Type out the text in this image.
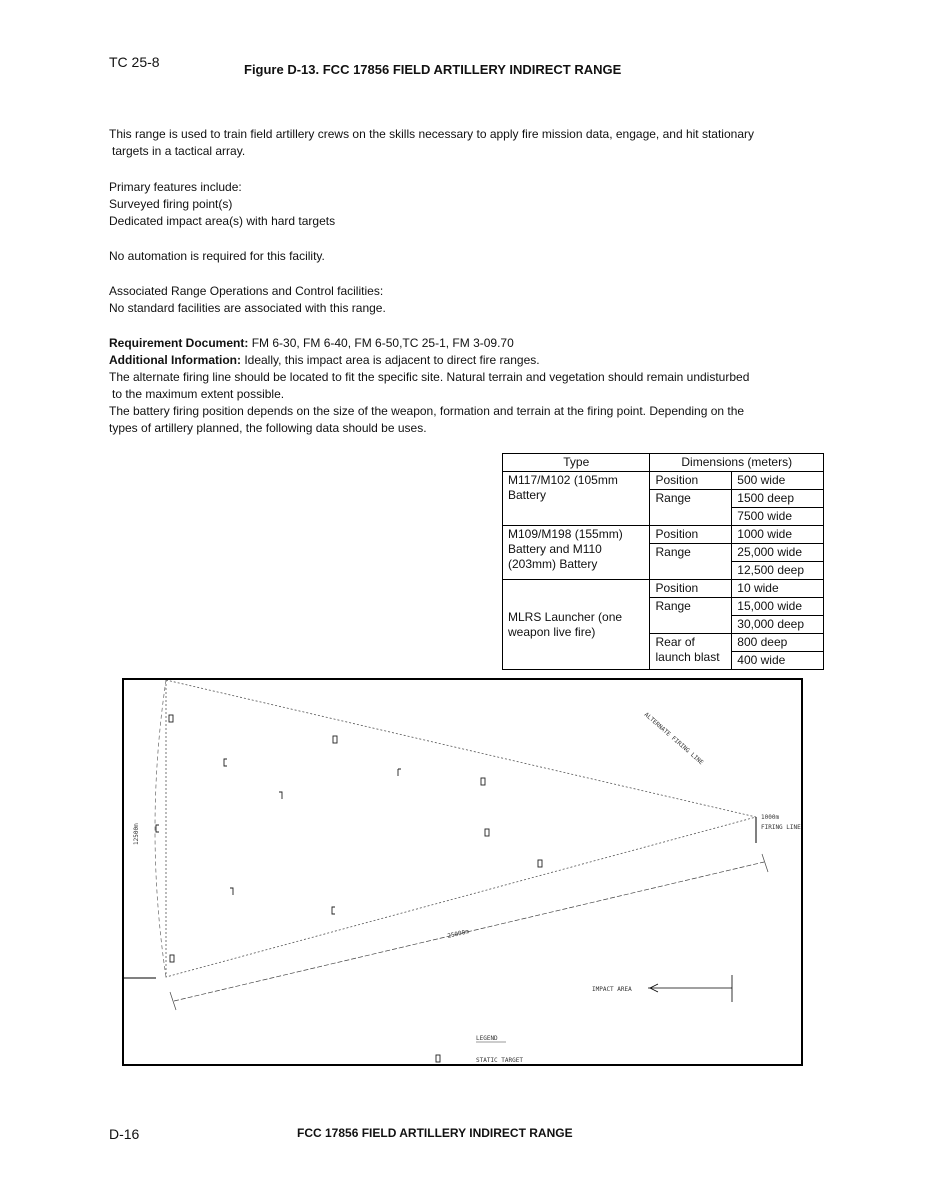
TC 25-8	Figure D-13. FCC 17856 FIELD ARTILLERY INDIRECT RANGE

This range is used to train field artillery crews on the skills necessary to apply fire mission data, engage, and hit stationary

targets in a tactical array.

Primary features include:

Surveyed firing point(s)

Dedicated impact area(s) with hard targets

No automation is required for this facility.

Associated Range Operations and Control facilities:

No standard facilities are associated with this range.

Requirement Document: FM 6-30, FM 6-40, FM 6-50,TC 25-1, FM 3-09.70

Additional Information: Ideally, this impact area is adjacent to direct fire ranges.

The alternate firing line should be located to fit the specific site. Natural terrain and vegetation should remain undisturbed

to the maximum extent possible.

The battery firing position depends on the size of the weapon, formation and terrain at the firing point. Depending on the

types of artillery planned, the following data should be uses.

Type	Dimensions (meters)	
M117/M102 (105mm Battery	Position	500 wide
	Range	1500 deep
		7500 wide
M109/M198 (155mm) Battery and M110 (203mm) Battery	Position	1000 wide
	Range	25,000 wide
		12,500 deep
MLRS Launcher (one weapon live fire)	Position	10 wide
	Range	15,000 wide
		30,000 deep
	Rear of launch blast	800 deep
		400 wide
1000m
FIRING LINE
ALTERNATE FIRING LINE
12500m
25000m
IMPACT AREA
LEGEND
STATIC TARGET
D-16	FCC 17856 FIELD ARTILLERY INDIRECT RANGE
